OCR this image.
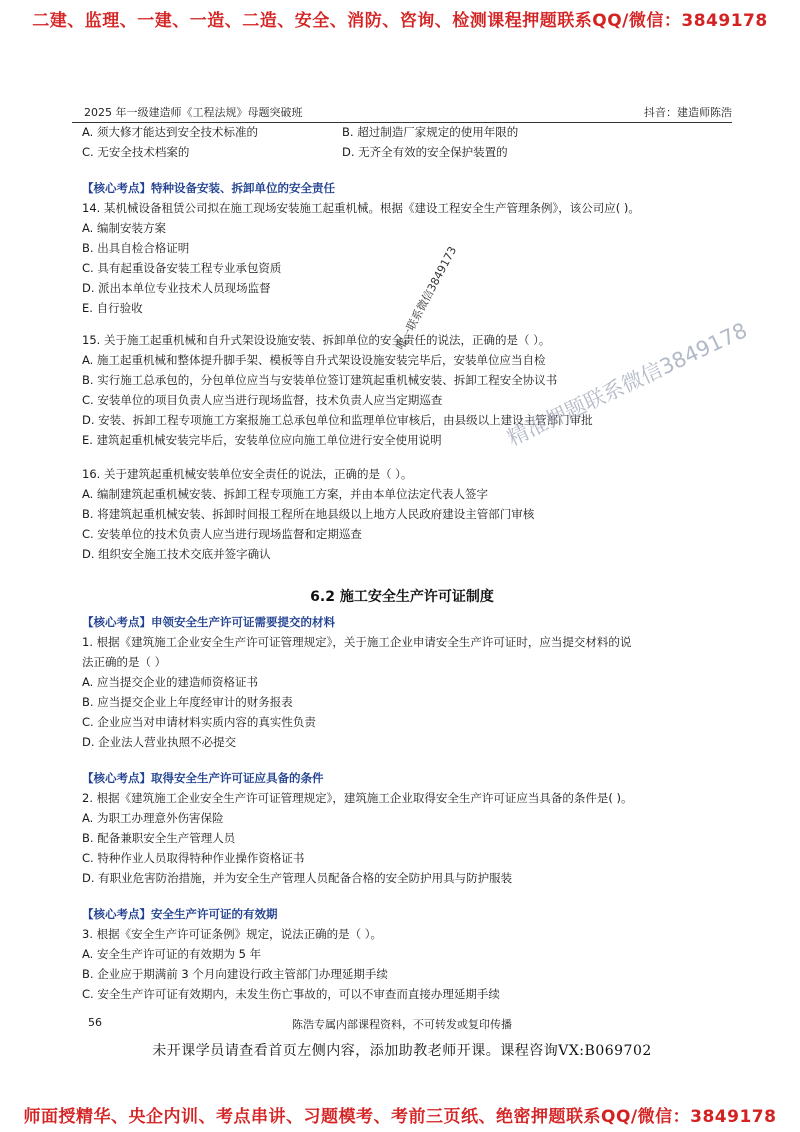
二建、监理、一建、一造、二造、安全、消防、咨询、检测课程押题联系QQ/微信：3849178
2025 年一级建造师《工程法规》母题突破班	抖音：建造师陈浩
A. 须大修才能达到安全技术标准的	B. 超过制造厂家规定的使用年限的
C. 无安全技术档案的	D. 无齐全有效的安全保护装置的
【核心考点】特种设备安装、拆卸单位的安全责任
14. 某机械设备租赁公司拟在施工现场安装施工起重机械。根据《建设工程安全生产管理条例》，该公司应( )。
A. 编制安装方案
B. 出具自检合格证明
C. 具有起重设备安装工程专业承包资质
D. 派出本单位专业技术人员现场监督
E. 自行验收
15. 关于施工起重机械和自升式架设设施安装、拆卸单位的安全责任的说法，正确的是（ ）。
A. 施工起重机械和整体提升脚手架、模板等自升式架设设施安装完毕后，安装单位应当自检
B. 实行施工总承包的，分包单位应当与安装单位签订建筑起重机械安装、拆卸工程安全协议书
C. 安装单位的项目负责人应当进行现场监督，技术负责人应当定期巡查
D. 安装、拆卸工程专项施工方案报施工总承包单位和监理单位审核后，由县级以上建设主管部门审批
E. 建筑起重机械安装完毕后，安装单位应向施工单位进行安全使用说明
16. 关于建筑起重机械安装单位安全责任的说法，正确的是（ ）。
A. 编制建筑起重机械安装、拆卸工程专项施工方案，并由本单位法定代表人签字
B. 将建筑起重机械安装、拆卸时间报工程所在地县级以上地方人民政府建设主管部门审核
C. 安装单位的技术负责人应当进行现场监督和定期巡查
D. 组织安全施工技术交底并签字确认
6.2 施工安全生产许可证制度
【核心考点】申领安全生产许可证需要提交的材料
1. 根据《建筑施工企业安全生产许可证管理规定》，关于施工企业申请安全生产许可证时，应当提交材料的说
法正确的是（ ）
A. 应当提交企业的建造师资格证书
B. 应当提交企业上年度经审计的财务报表
C. 企业应当对申请材料实质内容的真实性负责
D. 企业法人营业执照不必提交
【核心考点】取得安全生产许可证应具备的条件
2. 根据《建筑施工企业安全生产许可证管理规定》，建筑施工企业取得安全生产许可证应当具备的条件是( )。
A. 为职工办理意外伤害保险
B. 配备兼职安全生产管理人员
C. 特种作业人员取得特种作业操作资格证书
D. 有职业危害防治措施，并为安全生产管理人员配备合格的安全防护用具与防护服装
【核心考点】安全生产许可证的有效期
3. 根据《安全生产许可证条例》规定，说法正确的是（ ）。
A. 安全生产许可证的有效期为 5 年
B. 企业应于期满前 3 个月向建设行政主管部门办理延期手续
C. 安全生产许可证有效期内，未发生伤亡事故的，可以不审查而直接办理延期手续
唯一联系微信3849173
精准押题联系微信3849178
56	陈浩专属内部课程资料，不可转发或复印传播
未开课学员请查看首页左侧内容，添加助教老师开课。课程咨询VX:B069702
师面授精华、央企内训、考点串讲、习题模考、考前三页纸、绝密押题联系QQ/微信：3849178
